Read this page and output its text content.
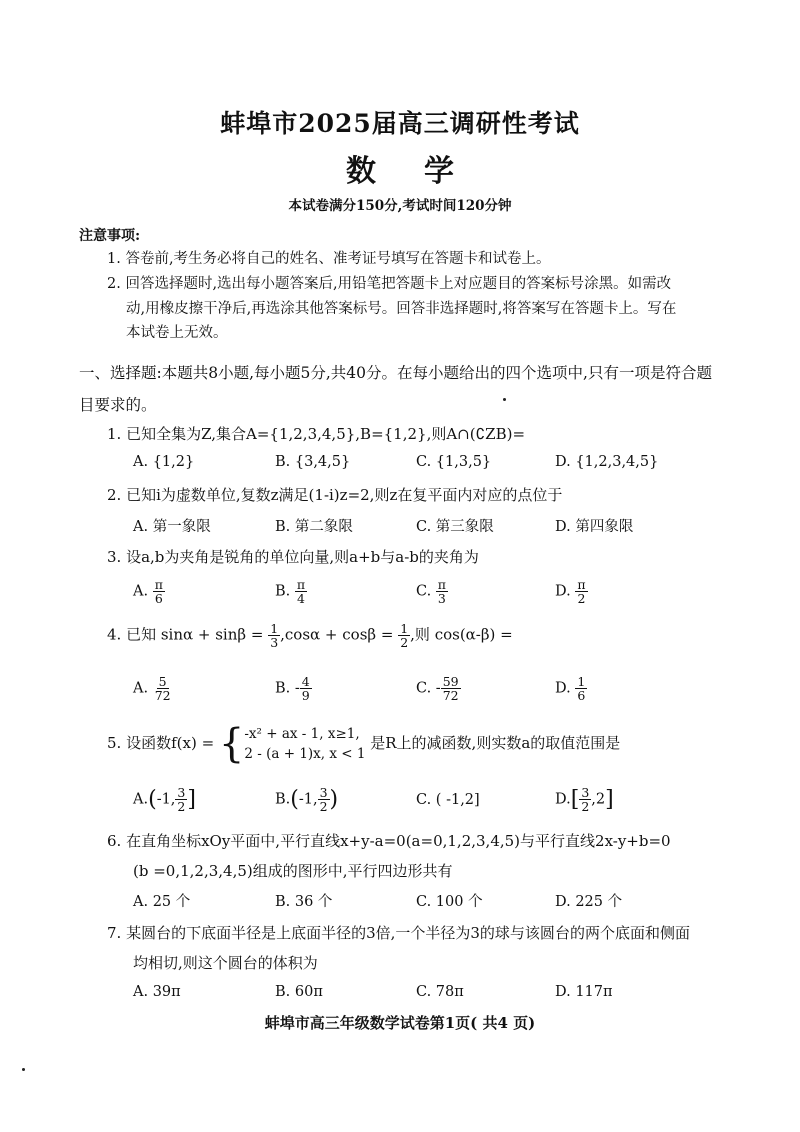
蚌埠市2025届高三调研性考试
数学
本试卷满分150分,考试时间120分钟
注意事项:
1. 答卷前,考生务必将自己的姓名、准考证号填写在答题卡和试卷上。
2. 回答选择题时,选出每小题答案后,用铅笔把答题卡上对应题目的答案标号涂黑。如需改
动,用橡皮擦干净后,再选涂其他答案标号。回答非选择题时,将答案写在答题卡上。写在
本试卷上无效。
一、选择题:本题共8小题,每小题5分,共40分。在每小题给出的四个选项中,只有一项是符合题
目要求的。
1. 已知全集为Z,集合A={1,2,3,4,5},B={1,2},则A∩(∁ZB)=
A. {1,2}	B. {3,4,5}	C. {1,3,5}	D. {1,2,3,4,5}
2. 已知i为虚数单位,复数z满足(1-i)z=2,则z在复平面内对应的点位于
A. 第一象限	B. 第二象限	C. 第三象限	D. 第四象限
3. 设a,b为夹角是锐角的单位向量,则a+b与a-b的夹角为
A. $\frac{\pi}{6}$	B. $\frac{\pi}{4}$	C. $\frac{\pi}{3}$	D. $\frac{\pi}{2}$
4. 已知 $\sin\alpha + \sin\beta = \frac{1}{3} ,\cos\alpha + \cos\beta = \frac{1}{2}$ ,则 cos(α-β) =
A. $\frac{5}{72}$	B. - $\frac{4}{9}$	C. - $\frac{59}{72}$	D. $\frac{1}{6}$
5. 设函数f(x) = { -x² + ax - 1, x≥1,
2 - (a + 1)x, x < 1
是R上的减函数,则实数a的取值范围是
A.(-1, $\frac{3}{2}$ ]	B.(-1, $\frac{3}{2}$ )	C. ( -1,2]	$D.[ \frac{3}{2} ,2]$
6. 在直角坐标xOy平面中,平行直线x+y-a=0(a=0,1,2,3,4,5)与平行直线2x-y+b=0
(b =0,1,2,3,4,5)组成的图形中,平行四边形共有
A. 25 个	B. 36 个	C. 100 个	D. 225 个
7. 某圆台的下底面半径是上底面半径的3倍,一个半径为3的球与该圆台的两个底面和侧面
均相切,则这个圆台的体积为
A. 39π	B. 60π	C. 78π	D. 117π
蚌埠市高三年级数学试卷第1页( 共4 页)
